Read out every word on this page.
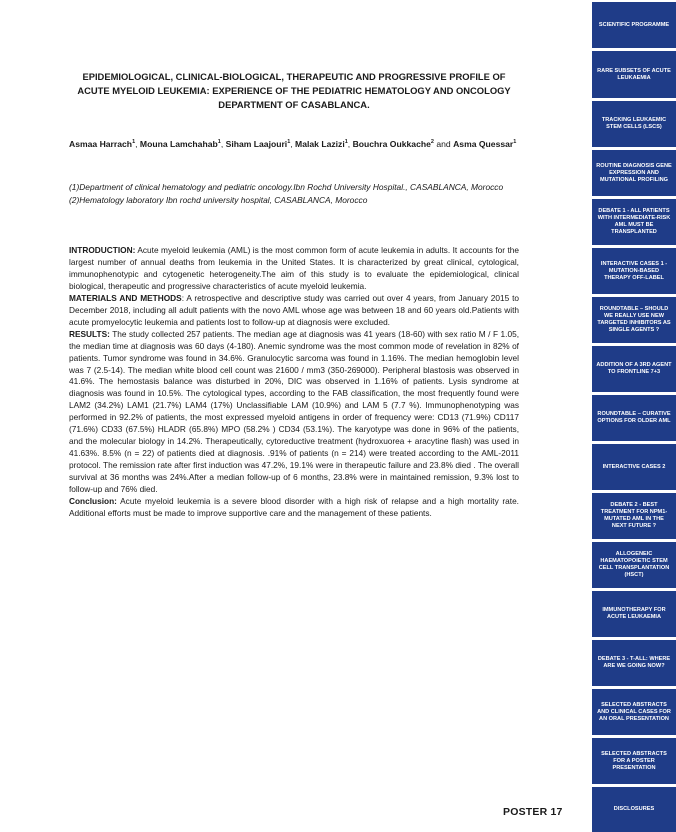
EPIDEMIOLOGICAL, CLINICAL-BIOLOGICAL, THERAPEUTIC AND PROGRESSIVE PROFILE OF ACUTE MYELOID LEUKEMIA: EXPERIENCE OF THE PEDIATRIC HEMATOLOGY AND ONCOLOGY DEPARTMENT OF CASABLANCA.
Asmaa Harrach$^1$, Mouna Lamchahab$^1$, Siham Laajouri$^1$, Malak Lazizi$^1$, Bouchra Oukkache$^2$ and Asma Quessar$^1$
(1)Department of clinical hematology and pediatric oncology.Ibn Rochd University Hospital., CASABLANCA, Morocco
(2)Hematology laboratory Ibn rochd university hospital, CASABLANCA, Morocco

INTRODUCTION: Acute myeloid leukemia (AML) is the most common form of acute leukemia in adults. It accounts for the largest number of annual deaths from leukemia in the United States. It is characterized by great clinical, cytological, immunophenotypic and cytogenetic heterogeneity.The aim of this study is to evaluate the epidemiological, clinical biological, therapeutic and progressive characteristics of acute myeloid leukemia.

MATERIALS AND METHODS: A retrospective and descriptive study was carried out over 4 years, from January 2015 to December 2018, including all adult patients with the novo AML whose age was between 18 and 60 years old.Patients with acute promyelocytic leukemia and patients lost to follow-up at diagnosis were excluded.

RESULTS: The study collected 257 patients. The median age at diagnosis was 41 years (18-60) with sex ratio M / F 1.05, the median time at diagnosis was 60 days (4-180). Anemic syndrome was the most common mode of revelation in 82% of patients. Tumor syndrome was found in 34.6%. Granulocytic sarcoma was found in 1.16%. The median hemoglobin level was 7 (2.5-14). The median white blood cell count was 21600 / mm3 (350-269000). Peripheral blastosis was observed in 41.6%. The hemostasis balance was disturbed in 20%, DIC was observed in 1.16% of patients. Lysis syndrome at diagnosis was found in 10.5%. The cytological types, according to the FAB classification, the most frequently found were LAM2 (34.2%) LAM1 (21.7%) LAM4 (17%) Unclassifiable LAM (10.9%) and LAM 5 (7.7 %). Immunophenotyping was performed in 92.2% of patients, the most expressed myeloid antigens in order of frequency were: CD13 (71.9%) CD117 (71.6%) CD33 (67.5%) HLADR (65.8%) MPO (58.2% ) CD34 (53.1%). The karyotype was done in 96% of the patients, and the molecular biology in 14.2%. Therapeutically, cytoreductive treatment (hydroxuorea + aracytine flash) was used in 41.63%. 8.5% (n = 22) of patients died at diagnosis. .91% of patients (n = 214) were treated according to the AML-2011 protocol. The remission rate after first induction was 47.2%, 19.1% were in therapeutic failure and 23.8% died . The overall survival at 36 months was 24%.After a median follow-up of 6 months, 23.8% were in maintained remission, 9.3% lost to follow-up and 76% died.

Conclusion: Acute myeloid leukemia is a severe blood disorder with a high risk of relapse and a high mortality rate. Additional efforts must be made to improve supportive care and the management of these patients.

POSTER 17
SCIENTIFIC PROGRAMME
RARE SUBSETS OF ACUTE LEUKAEMIA
TRACKING LEUKAEMIC STEM CELLS (LSCS)
ROUTINE DIAGNOSIS GENE EXPRESSION AND MUTATIONAL PROFILING
DEBATE 1 - ALL PATIENTS WITH INTERMEDIATE-RISK AML MUST BE TRANSPLANTED
INTERACTIVE CASES 1 - MUTATION-BASED THERAPY OFF-LABEL
ROUNDTABLE – SHOULD WE REALLY USE NEW TARGETED INHIBITORS AS SINGLE AGENTS ?
ADDITION OF A 3RD AGENT TO FRONTLINE 7+3
ROUNDTABLE – CURATIVE OPTIONS FOR OLDER AML
INTERACTIVE CASES 2
DEBATE 2 - BEST TREATMENT FOR NPM1-MUTATED AML IN THE NEXT FUTURE ?
ALLOGENEIC HAEMATOPOIETIC STEM CELL TRANSPLANTATION (HSCT)
IMMUNOTHERAPY FOR ACUTE LEUKAEMIA
DEBATE 3 - T-ALL: WHERE ARE WE GOING NOW?
SELECTED ABSTRACTS AND CLINICAL CASES FOR AN ORAL PRESENTATION
SELECTED ABSTRACTS FOR A POSTER PRESENTATION
DISCLOSURES
